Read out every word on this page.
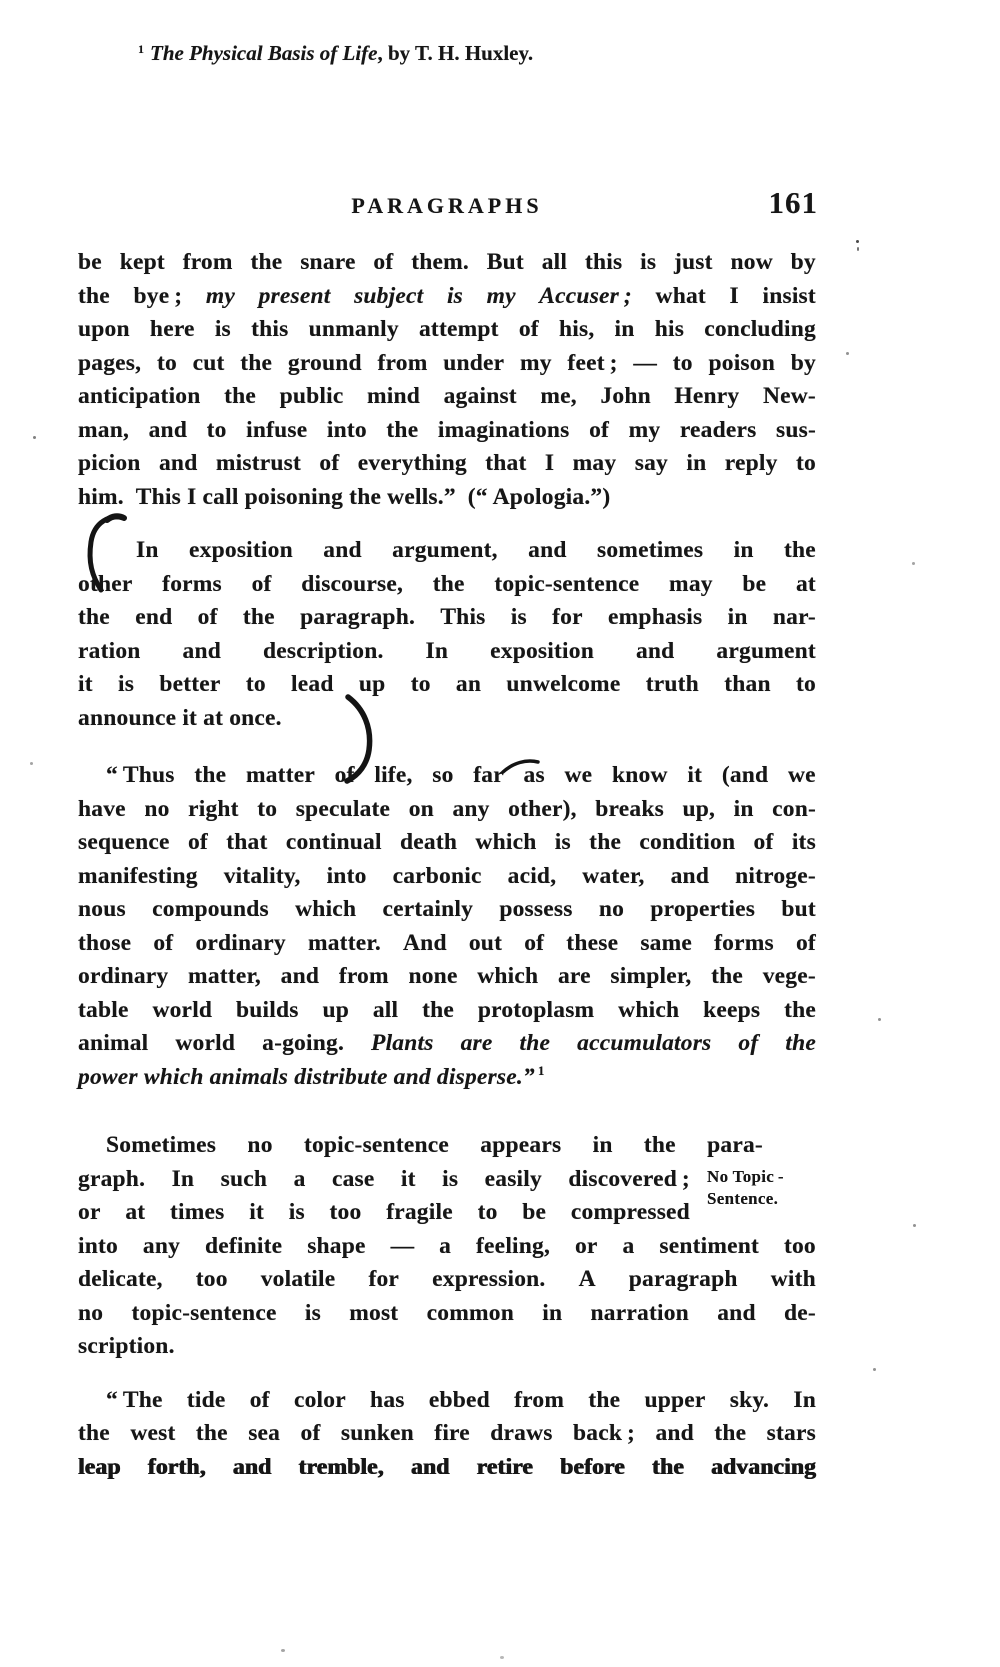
PARAGRAPHS	161
be kept from the snare of them. But all this is just now by
the bye ; my present subject is my Accuser ; what I insist
upon here is this unmanly attempt of his, in his concluding
pages, to cut the ground from under my feet ; — to poison by
anticipation the public mind against me, John Henry New-
man, and to infuse into the imaginations of my readers sus-
picion and mistrust of everything that I may say in reply to
him. This I call poisoning the wells.” (“ Apologia.”)
In exposition and argument, and sometimes in the
other forms of discourse, the topic-sentence may be at
the end of the paragraph. This is for emphasis in nar-
ration and description. In exposition and argument
it is better to lead up to an unwelcome truth than to
announce it at once.
“ Thus the matter of life, so far as we know it (and we
have no right to speculate on any other), breaks up, in con-
sequence of that continual death which is the condition of its
manifesting vitality, into carbonic acid, water, and nitroge-
nous compounds which certainly possess no properties but
those of ordinary matter. And out of these same forms of
ordinary matter, and from none which are simpler, the vege-
table world builds up all the protoplasm which keeps the
animal world a-going. Plants are the accumulators of the
power which animals distribute and disperse.” $^1$
Sometimes no topic-sentence appears in the para-
graph. In such a case it is easily discovered ;
or at times it is too fragile to be compressed
into any definite shape — a feeling, or a sentiment too
delicate, too volatile for expression. A paragraph with
no topic-sentence is most common in narration and de-
scription.
“ The tide of color has ebbed from the upper sky. In
the west the sea of sunken fire draws back ; and the stars
leap forth, and tremble, and retire before the advancing
No Topic -
Sentence.

$^1$ The Physical Basis of Life, by T. H. Huxley.
